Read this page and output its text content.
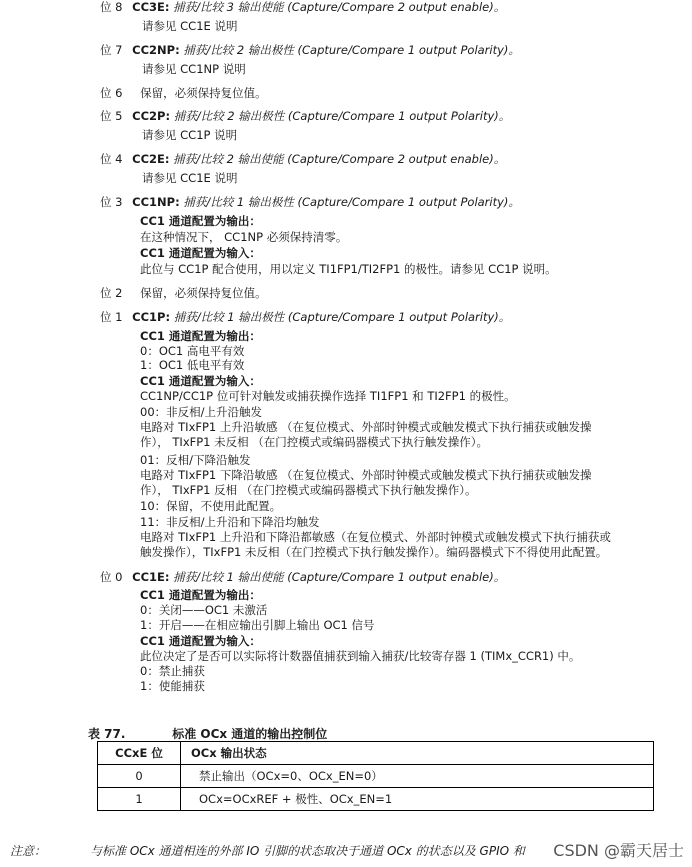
位 8 CC3E: 捕获/比较 3 输出使能 (Capture/Compare 2 output enable)。
请参见 CC1E 说明
位 7 CC2NP: 捕获/比较 2 输出极性 (Capture/Compare 1 output Polarity)。
请参见 CC1NP 说明
位 6 保留，必须保持复位值。
位 5 CC2P: 捕获/比较 2 输出极性 (Capture/Compare 1 output Polarity)。
请参见 CC1P 说明
位 4 CC2E: 捕获/比较 2 输出使能 (Capture/Compare 2 output enable)。
请参见 CC1E 说明
位 3 CC1NP: 捕获/比较 1 输出极性 (Capture/Compare 1 output Polarity)。
CC1 通道配置为输出：
在这种情况下， CC1NP 必须保持清零。
CC1 通道配置为输入：
此位与 CC1P 配合使用，用以定义 TI1FP1/TI2FP1 的极性。请参见 CC1P 说明。
位 2 保留，必须保持复位值。
位 1 CC1P: 捕获/比较 1 输出极性 (Capture/Compare 1 output Polarity)。
CC1 通道配置为输出：
0：OC1 高电平有效
1：OC1 低电平有效
CC1 通道配置为输入：
CC1NP/CC1P 位可针对触发或捕获操作选择 TI1FP1 和 TI2FP1 的极性。
00：非反相/上升沿触发
电路对 TIxFP1 上升沿敏感 （在复位模式、外部时钟模式或触发模式下执行捕获或触发操
作）， TIxFP1 未反相 （在门控模式或编码器模式下执行触发操作）。
01：反相/下降沿触发
电路对 TIxFP1 下降沿敏感 （在复位模式、外部时钟模式或触发模式下执行捕获或触发操
作）， TIxFP1 反相 （在门控模式或编码器模式下执行触发操作）。
10：保留，不使用此配置。
11：非反相/上升沿和下降沿均触发
电路对 TIxFP1 上升沿和下降沿都敏感（在复位模式、外部时钟模式或触发模式下执行捕获或
触发操作），TIxFP1 未反相（在门控模式下执行触发操作）。编码器模式下不得使用此配置。
位 0 CC1E: 捕获/比较 1 输出使能 (Capture/Compare 1 output enable)。
CC1 通道配置为输出：
0：关闭——OC1 未激活
1：开启——在相应输出引脚上输出 OC1 信号
CC1 通道配置为输入：
此位决定了是否可以实际将计数器值捕获到输入捕获/比较寄存器 1 (TIMx_CCR1) 中。
0：禁止捕获
1：使能捕获
表 77.	标准 OCx 通道的输出控制位
CCxE 位	OCx 输出状态
0	禁止输出（OCx=0、OCx_EN=0）
1	OCx=OCxREF + 极性、OCx_EN=1
注意：	与标准 OCx 通道相连的外部 IO 引脚的状态取决于通道 OCx 的状态以及 GPIO 和 CSDN @霸天居士
